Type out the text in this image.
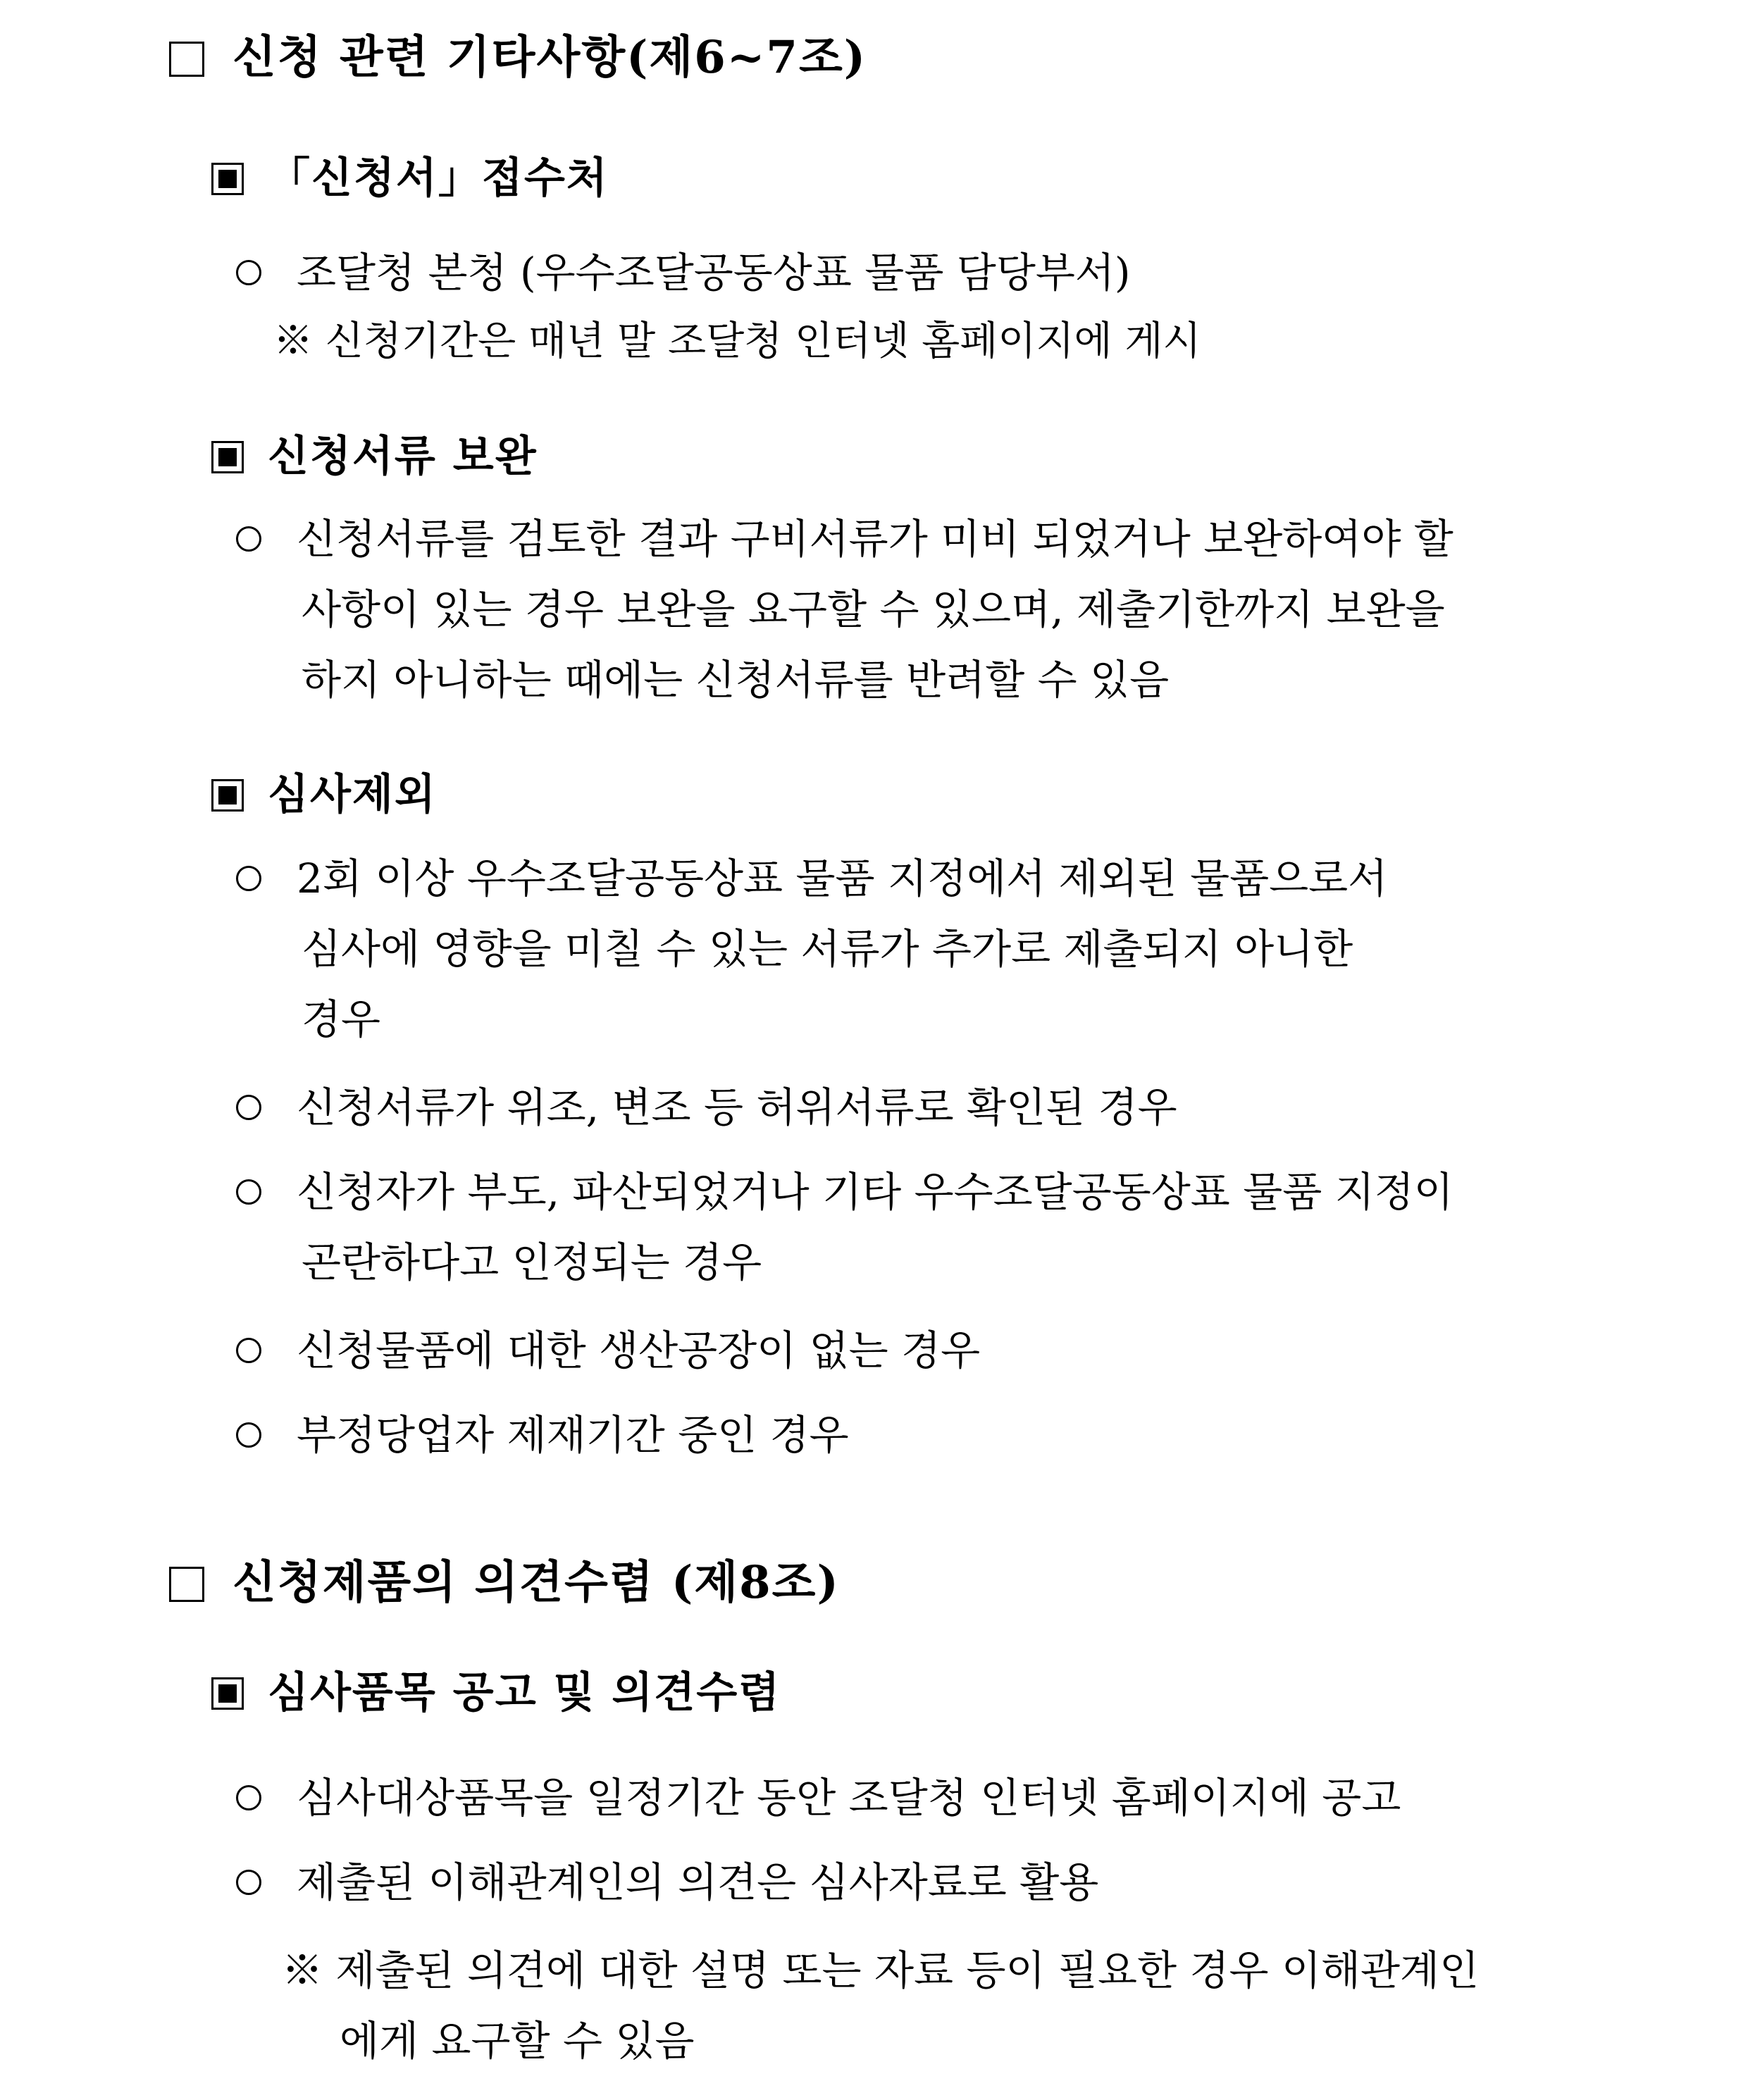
신청 관련 기타사항(제6~7조)
「신청서」접수처
조달청 본청 (우수조달공동상표 물품 담당부서)
※ 신청기간은 매년 말 조달청 인터넷 홈페이지에 게시
신청서류 보완
신청서류를 검토한 결과 구비서류가 미비 되었거나 보완하여야 할
사항이 있는 경우 보완을 요구할 수 있으며, 제출기한까지 보완을
하지 아니하는 때에는 신청서류를 반려할 수 있음
심사제외
2회 이상 우수조달공동상표 물품 지정에서 제외된 물품으로서
심사에 영향을 미칠 수 있는 서류가 추가로 제출되지 아니한
경우
신청서류가 위조, 변조 등 허위서류로 확인된 경우
신청자가 부도, 파산되었거나 기타 우수조달공동상표 물품 지정이
곤란하다고 인정되는 경우
신청물품에 대한 생산공장이 없는 경우
부정당업자 제재기간 중인 경우
신청제품의 의견수렴 (제8조)
심사품목 공고 및 의견수렴
심사대상품목을 일정기간 동안 조달청 인터넷 홈페이지에 공고
제출된 이해관계인의 의견은 심사자료로 활용
※ 제출된 의견에 대한 설명 또는 자료 등이 필요한 경우 이해관계인
에게 요구할 수 있음
